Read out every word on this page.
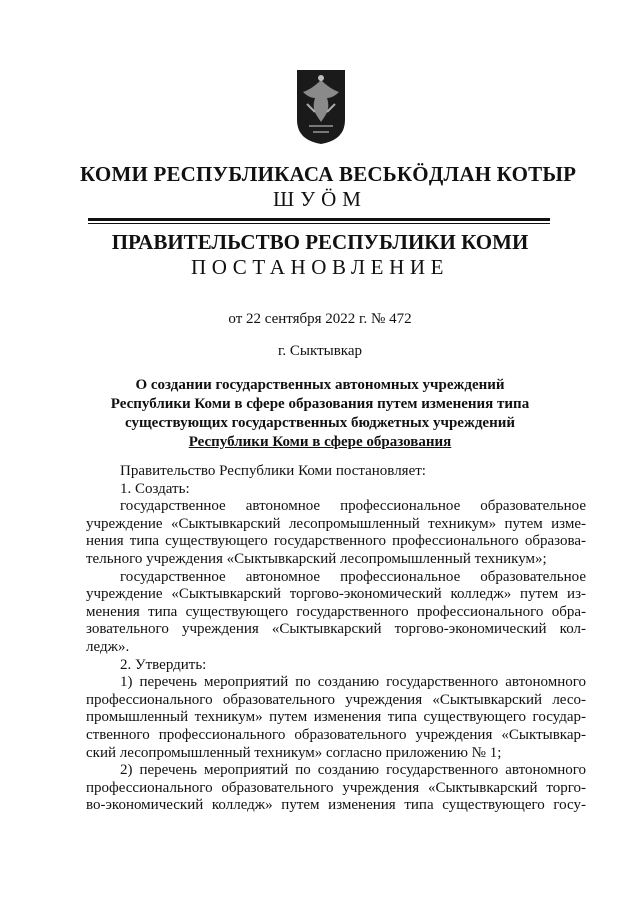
КОМИ РЕСПУБЛИКАСА ВЕСЬКӦДЛАН КОТЫР
ШУӦМ
ПРАВИТЕЛЬСТВО РЕСПУБЛИКИ КОМИ
ПОСТАНОВЛЕНИЕ
от 22 сентября 2022 г. № 472
г. Сыктывкар
О создании государственных автономных учреждений
Республики Коми в сфере образования путем изменения типа
существующих государственных бюджетных учреждений
Республики Коми в сфере образования
Правительство Республики Коми постановляет:
1. Создать:
государственное автономное профессиональное образовательное
учреждение «Сыктывкарский лесопромышленный техникум» путем изме-
нения типа существующего государственного профессионального образова-
тельного учреждения «Сыктывкарский лесопромышленный техникум»;
государственное автономное профессиональное образовательное
учреждение «Сыктывкарский торгово-экономический колледж» путем из-
менения типа существующего государственного профессионального обра-
зовательного учреждения «Сыктывкарский торгово-экономический кол-
ледж».
2. Утвердить:
1) перечень мероприятий по созданию государственного автономного
профессионального образовательного учреждения «Сыктывкарский лесо-
промышленный техникум» путем изменения типа существующего государ-
ственного профессионального образовательного учреждения «Сыктывкар-
ский лесопромышленный техникум» согласно приложению № 1;
2) перечень мероприятий по созданию государственного автономного
профессионального образовательного учреждения «Сыктывкарский торго-
во-экономический колледж» путем изменения типа существующего госу-
